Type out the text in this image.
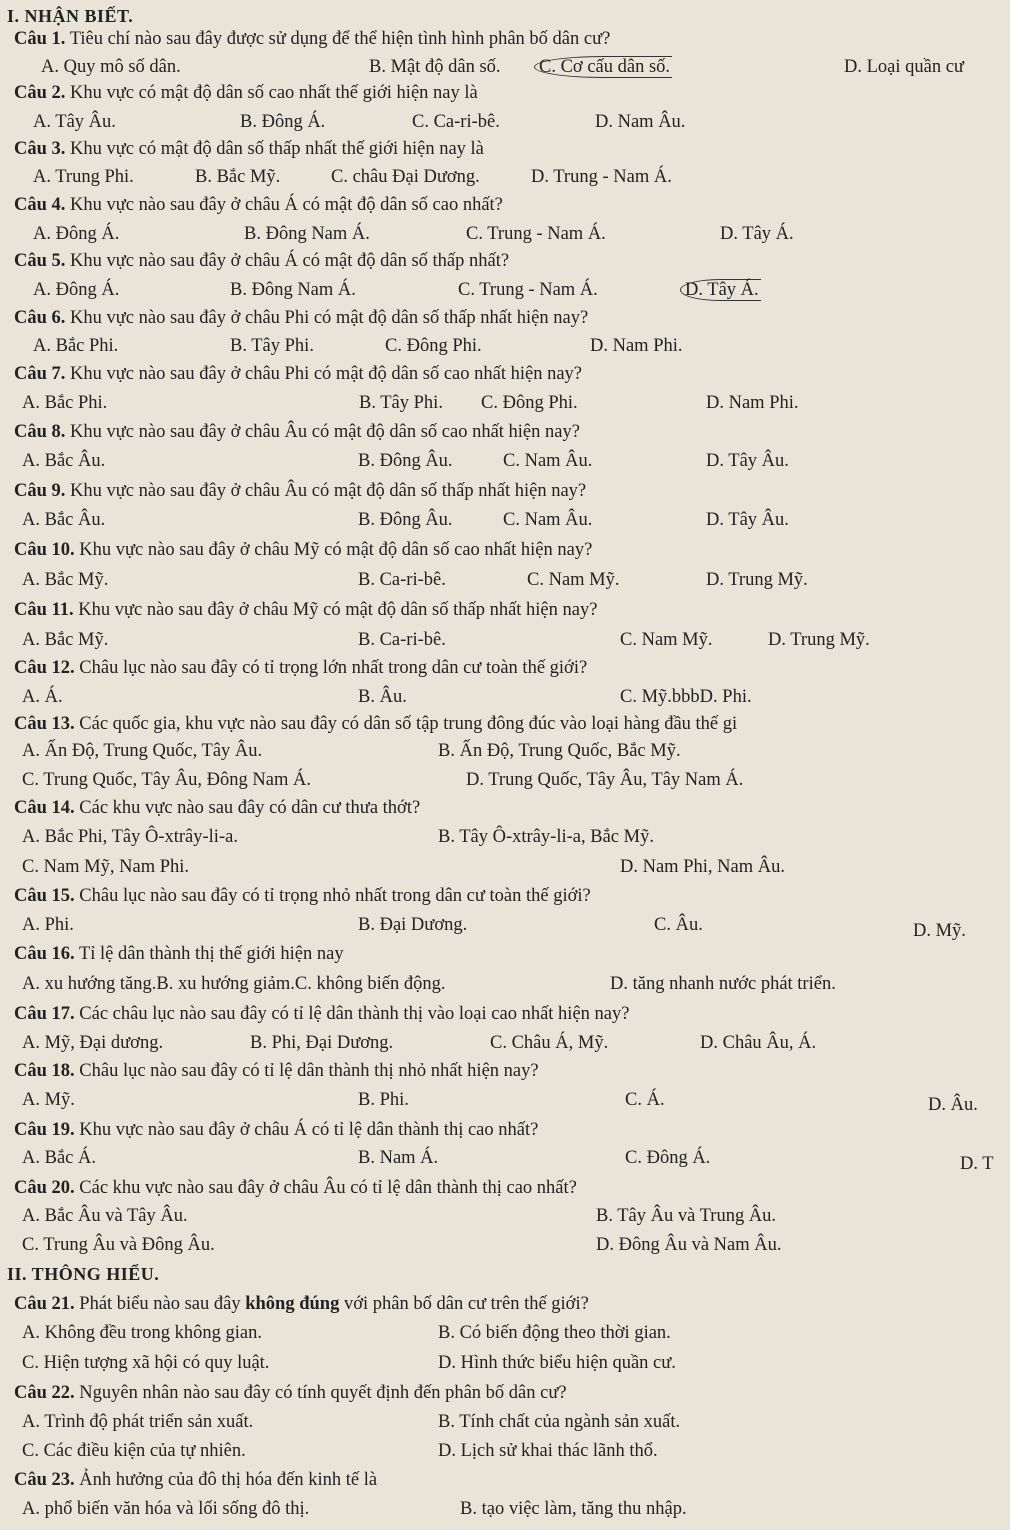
I. NHẬN BIẾT.
Câu 1. Tiêu chí nào sau đây được sử dụng để thể hiện tình hình phân bố dân cư?
A. Quy mô số dân.	B. Mật độ dân số. C. Cơ cấu dân số.	D. Loại quần cư
Câu 2. Khu vực có mật độ dân số cao nhất thế giới hiện nay là
A. Tây Âu.	B. Đông Á.	C. Ca-ri-bê.	D. Nam Âu.
Câu 3. Khu vực có mật độ dân số thấp nhất thế giới hiện nay là
A. Trung Phi.	B. Bắc Mỹ.	C. châu Đại Dương.	D. Trung - Nam Á.
Câu 4. Khu vực nào sau đây ở châu Á có mật độ dân số cao nhất?
A. Đông Á.	B. Đông Nam Á.	C. Trung - Nam Á.	D. Tây Á.
Câu 5. Khu vực nào sau đây ở châu Á có mật độ dân số thấp nhất?
A. Đông Á.	B. Đông Nam Á.	C. Trung - Nam Á.	D. Tây Á.
Câu 6. Khu vực nào sau đây ở châu Phi có mật độ dân số thấp nhất hiện nay?
A. Bắc Phi.	B. Tây Phi.	C. Đông Phi.	D. Nam Phi.
Câu 7. Khu vực nào sau đây ở châu Phi có mật độ dân số cao nhất hiện nay?
A. Bắc Phi.	B. Tây Phi. C. Đông Phi.	D. Nam Phi.
Câu 8. Khu vực nào sau đây ở châu Âu có mật độ dân số cao nhất hiện nay?
A. Bắc Âu.	B. Đông Âu.	C. Nam Âu.	D. Tây Âu.
Câu 9. Khu vực nào sau đây ở châu Âu có mật độ dân số thấp nhất hiện nay?
A. Bắc Âu.	B. Đông Âu.	C. Nam Âu.	D. Tây Âu.
Câu 10. Khu vực nào sau đây ở châu Mỹ có mật độ dân số cao nhất hiện nay?
A. Bắc Mỹ.	B. Ca-ri-bê.	C. Nam Mỹ.	D. Trung Mỹ.
Câu 11. Khu vực nào sau đây ở châu Mỹ có mật độ dân số thấp nhất hiện nay?
A. Bắc Mỹ.	B. Ca-ri-bê.	C. Nam Mỹ.	D. Trung Mỹ.
Câu 12. Châu lục nào sau đây có tỉ trọng lớn nhất trong dân cư toàn thế giới?
A. Á.	B. Âu.	C. Mỹ.bbbD. Phi.
Câu 13. Các quốc gia, khu vực nào sau đây có dân số tập trung đông đúc vào loại hàng đầu thế gi
A. Ấn Độ, Trung Quốc, Tây Âu.	B. Ấn Độ, Trung Quốc, Bắc Mỹ.
C. Trung Quốc, Tây Âu, Đông Nam Á.	D. Trung Quốc, Tây Âu, Tây Nam Á.
Câu 14. Các khu vực nào sau đây có dân cư thưa thớt?
A. Bắc Phi, Tây Ô-xtrây-li-a.	B. Tây Ô-xtrây-li-a, Bắc Mỹ.
C. Nam Mỹ, Nam Phi.	D. Nam Phi, Nam Âu.
Câu 15. Châu lục nào sau đây có tỉ trọng nhỏ nhất trong dân cư toàn thế giới?
A. Phi.	B. Đại Dương.	C. Âu.	D. Mỹ.
Câu 16. Tỉ lệ dân thành thị thế giới hiện nay
A. xu hướng tăng.B. xu hướng giảm.C. không biến động.	D. tăng nhanh nước phát triển.
Câu 17. Các châu lục nào sau đây có tỉ lệ dân thành thị vào loại cao nhất hiện nay?
A. Mỹ, Đại dương.	B. Phi, Đại Dương.	C. Châu Á, Mỹ.	D. Châu Âu, Á.
Câu 18. Châu lục nào sau đây có tỉ lệ dân thành thị nhỏ nhất hiện nay?
A. Mỹ.	B. Phi.	C. Á.	D. Âu.
Câu 19. Khu vực nào sau đây ở châu Á có tỉ lệ dân thành thị cao nhất?
A. Bắc Á.	B. Nam Á.	C. Đông Á.	D. T
Câu 20. Các khu vực nào sau đây ở châu Âu có tỉ lệ dân thành thị cao nhất?
A. Bắc Âu và Tây Âu.	B. Tây Âu và Trung Âu.
C. Trung Âu và Đông Âu.	D. Đông Âu và Nam Âu.
II. THÔNG HIỂU.
Câu 21. Phát biểu nào sau đây không đúng với phân bố dân cư trên thế giới?
A. Không đều trong không gian.	B. Có biến động theo thời gian.
C. Hiện tượng xã hội có quy luật.	D. Hình thức biểu hiện quần cư.
Câu 22. Nguyên nhân nào sau đây có tính quyết định đến phân bố dân cư?
A. Trình độ phát triển sản xuất.	B. Tính chất của ngành sản xuất.
C. Các điều kiện của tự nhiên.	D. Lịch sử khai thác lãnh thổ.
Câu 23. Ảnh hưởng của đô thị hóa đến kinh tế là
A. phổ biến văn hóa và lối sống đô thị.	B. tạo việc làm, tăng thu nhập.
